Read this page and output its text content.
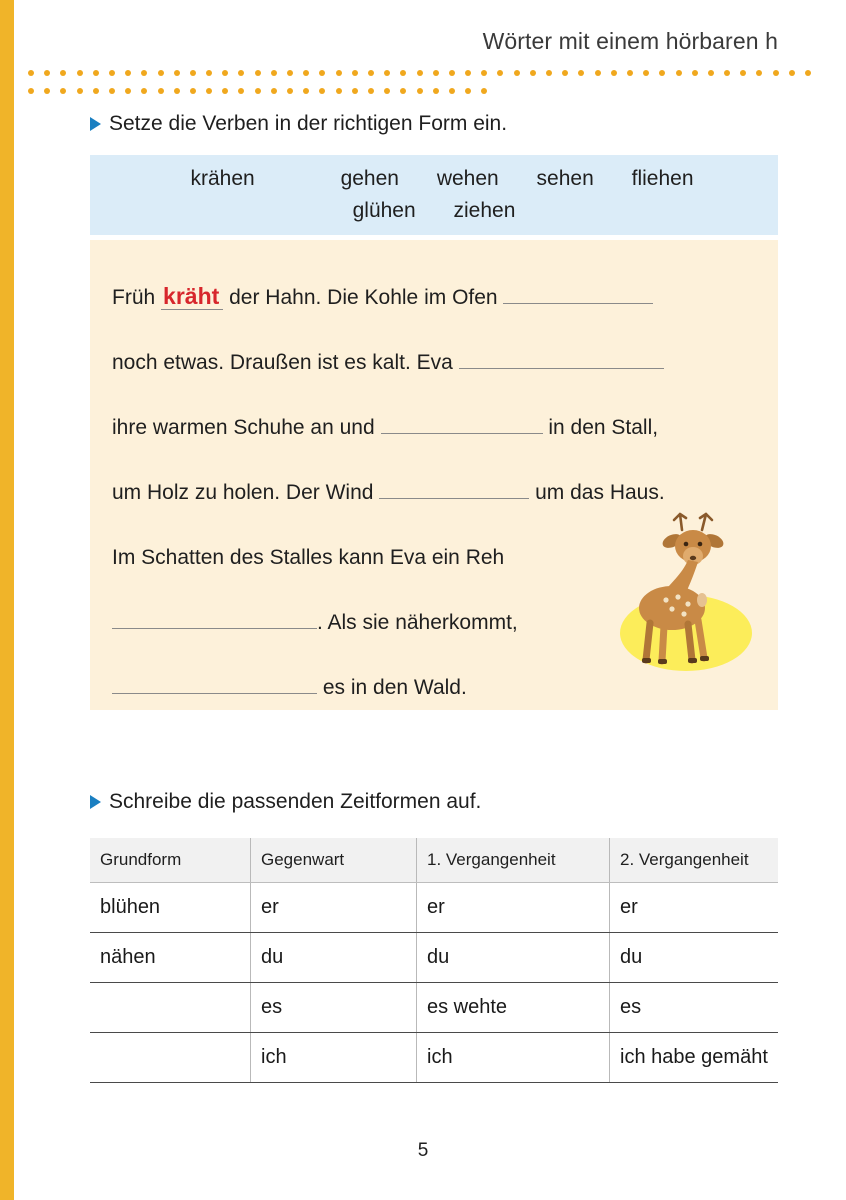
Wörter mit einem hörbaren h
Setze die Verben in der richtigen Form ein.
krähen	gehen wehen sehen fliehen
glühen ziehen
Früh kräht der Hahn. Die Kohle im Ofen
noch etwas. Draußen ist es kalt. Eva
ihre warmen Schuhe an und	in den Stall,
um Holz zu holen. Der Wind	um das Haus.
Im Schatten des Stalles kann Eva ein Reh
. Als sie näherkommt,
es in den Wald.
Schreibe die passenden Zeitformen auf.
Grundform	Gegenwart	1. Vergangenheit	2. Vergangenheit
blühen	er	er	er
nähen	du	du	du
	es	es wehte	es
	ich	ich	ich habe gemäht
5
